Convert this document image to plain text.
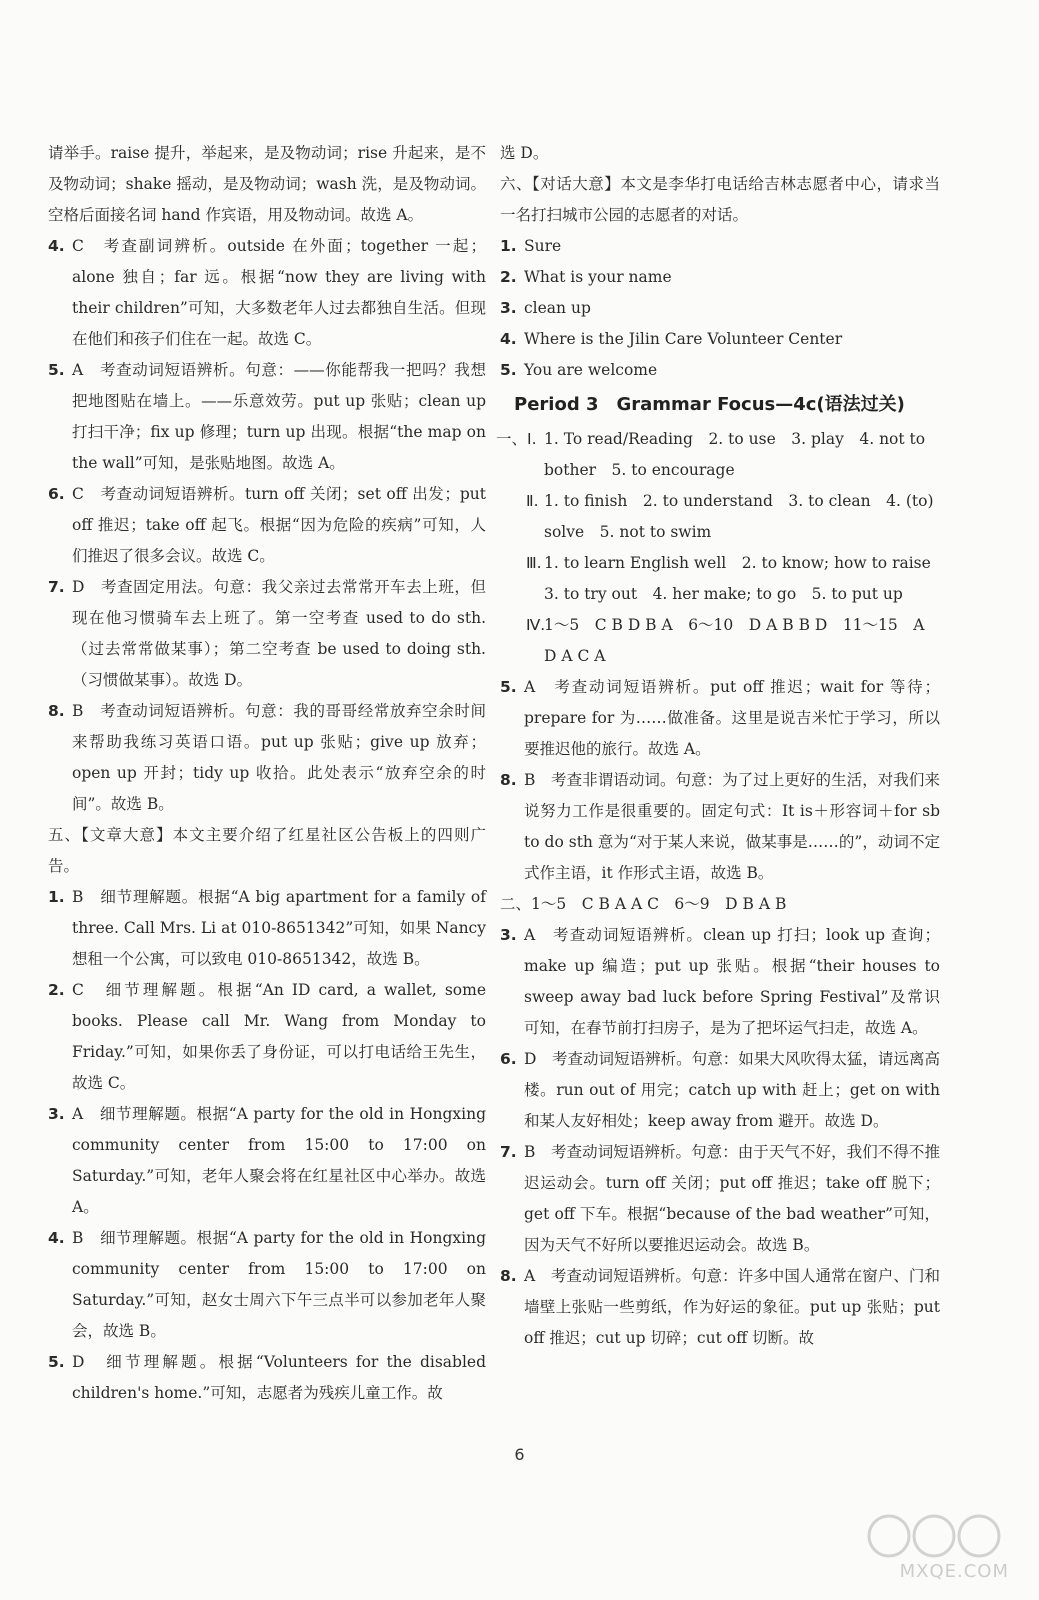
请举手。raise 提升，举起来，是及物动词；rise 升起来，是不及物动词；shake 摇动，是及物动词；wash 洗，是及物动词。空格后面接名词 hand 作宾语，用及物动词。故选 A。
4. C　考查副词辨析。outside 在外面；together 一起；alone 独自；far 远。根据“now they are living with their children”可知，大多数老年人过去都独自生活。但现在他们和孩子们住在一起。故选 C。
5. A　考查动词短语辨析。句意：——你能帮我一把吗？我想把地图贴在墙上。——乐意效劳。put up 张贴；clean up 打扫干净；fix up 修理；turn up 出现。根据“the map on the wall”可知，是张贴地图。故选 A。
6. C　考查动词短语辨析。turn off 关闭；set off 出发；put off 推迟；take off 起飞。根据“因为危险的疾病”可知，人们推迟了很多会议。故选 C。
7. D　考查固定用法。句意：我父亲过去常常开车去上班，但现在他习惯骑车去上班了。第一空考查 used to do sth.（过去常常做某事）；第二空考查 be used to doing sth.（习惯做某事）。故选 D。
8. B　考查动词短语辨析。句意：我的哥哥经常放弃空余时间来帮助我练习英语口语。put up 张贴；give up 放弃；open up 开封；tidy up 收拾。此处表示“放弃空余的时间”。故选 B。
五、【文章大意】本文主要介绍了红星社区公告板上的四则广告。
1. B　细节理解题。根据“A big apartment for a family of three. Call Mrs. Li at 010-8651342”可知，如果 Nancy 想租一个公寓，可以致电 010-8651342，故选 B。
2. C　细节理解题。根据“An ID card, a wallet, some books. Please call Mr. Wang from Monday to Friday.”可知，如果你丢了身份证，可以打电话给王先生，故选 C。
3. A　细节理解题。根据“A party for the old in Hongxing community center from 15:00 to 17:00 on Saturday.”可知，老年人聚会将在红星社区中心举办。故选 A。
4. B　细节理解题。根据“A party for the old in Hongxing community center from 15:00 to 17:00 on Saturday.”可知，赵女士周六下午三点半可以参加老年人聚会，故选 B。
5. D　细节理解题。根据“Volunteers for the disabled children's home.”可知，志愿者为残疾儿童工作。故
选 D。
六、【对话大意】本文是李华打电话给吉林志愿者中心，请求当一名打扫城市公园的志愿者的对话。
1. Sure
2. What is your name
3. clean up
4. Where is the Jilin Care Volunteer Center
5. You are welcome
Period 3　Grammar Focus—4c(语法过关)
一、Ⅰ. 1. To read/Reading　2. to use　3. play　4. not to bother　5. to encourage
Ⅱ. 1. to finish　2. to understand　3. to clean　4. (to) solve　5. not to swim
Ⅲ. 1. to learn English well　2. to know; how to raise　3. to try out　4. her make; to go　5. to put up
Ⅳ.
1～5　C B D B A　6～10　D A B B D　11～15　A D A C A
5. A　考查动词短语辨析。put off 推迟；wait for 等待；prepare for 为……做准备。这里是说吉米忙于学习，所以要推迟他的旅行。故选 A。
8. B　考查非谓语动词。句意：为了过上更好的生活，对我们来说努力工作是很重要的。固定句式：It is＋形容词＋for sb to do sth 意为“对于某人来说，做某事是……的”，动词不定式作主语，it 作形式主语，故选 B。
二、1～5　C B A A C　6～9　D B A B
3. A　考查动词短语辨析。clean up 打扫；look up 查询；make up 编造；put up 张贴。根据“their houses to sweep away bad luck before Spring Festival”及常识可知，在春节前打扫房子，是为了把坏运气扫走，故选 A。
6. D　考查动词短语辨析。句意：如果大风吹得太猛，请远离高楼。run out of 用完；catch up with 赶上；get on with 和某人友好相处；keep away from 避开。故选 D。
7. B　考查动词短语辨析。句意：由于天气不好，我们不得不推迟运动会。turn off 关闭；put off 推迟；take off 脱下；get off 下车。根据“because of the bad weather”可知，因为天气不好所以要推迟运动会。故选 B。
8. A　考查动词短语辨析。句意：许多中国人通常在窗户、门和墙壁上张贴一些剪纸，作为好运的象征。put up 张贴；put off 推迟；cut up 切碎；cut off 切断。故
6
MXQE.COM
